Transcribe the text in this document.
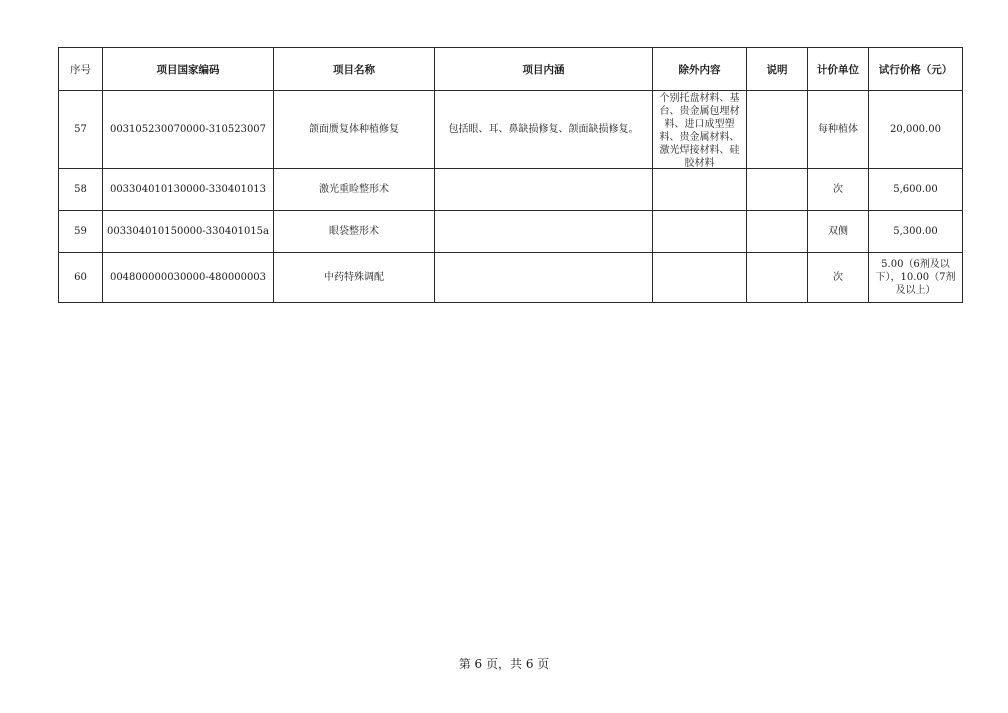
序号	项目国家编码	项目名称	项目内涵	除外内容	说明	计价单位	试行价格（元）
57	003105230070000-310523007	颌面赝复体种植修复	包括眼、耳、鼻缺损修复、颌面缺损修复。	个别托盘材料、基台、贵金属包埋材料、进口成型塑料、贵金属材料、激光焊接材料、硅胶材料		每种植体	20,000.00
58	003304010130000-330401013	激光重睑整形术				次	5,600.00
59	003304010150000-330401015a	眼袋整形术				双侧	5,300.00
60	004800000030000-480000003	中药特殊调配				次	5.00（6剂及以下），10.00（7剂及以上）
第 6 页，共 6 页
